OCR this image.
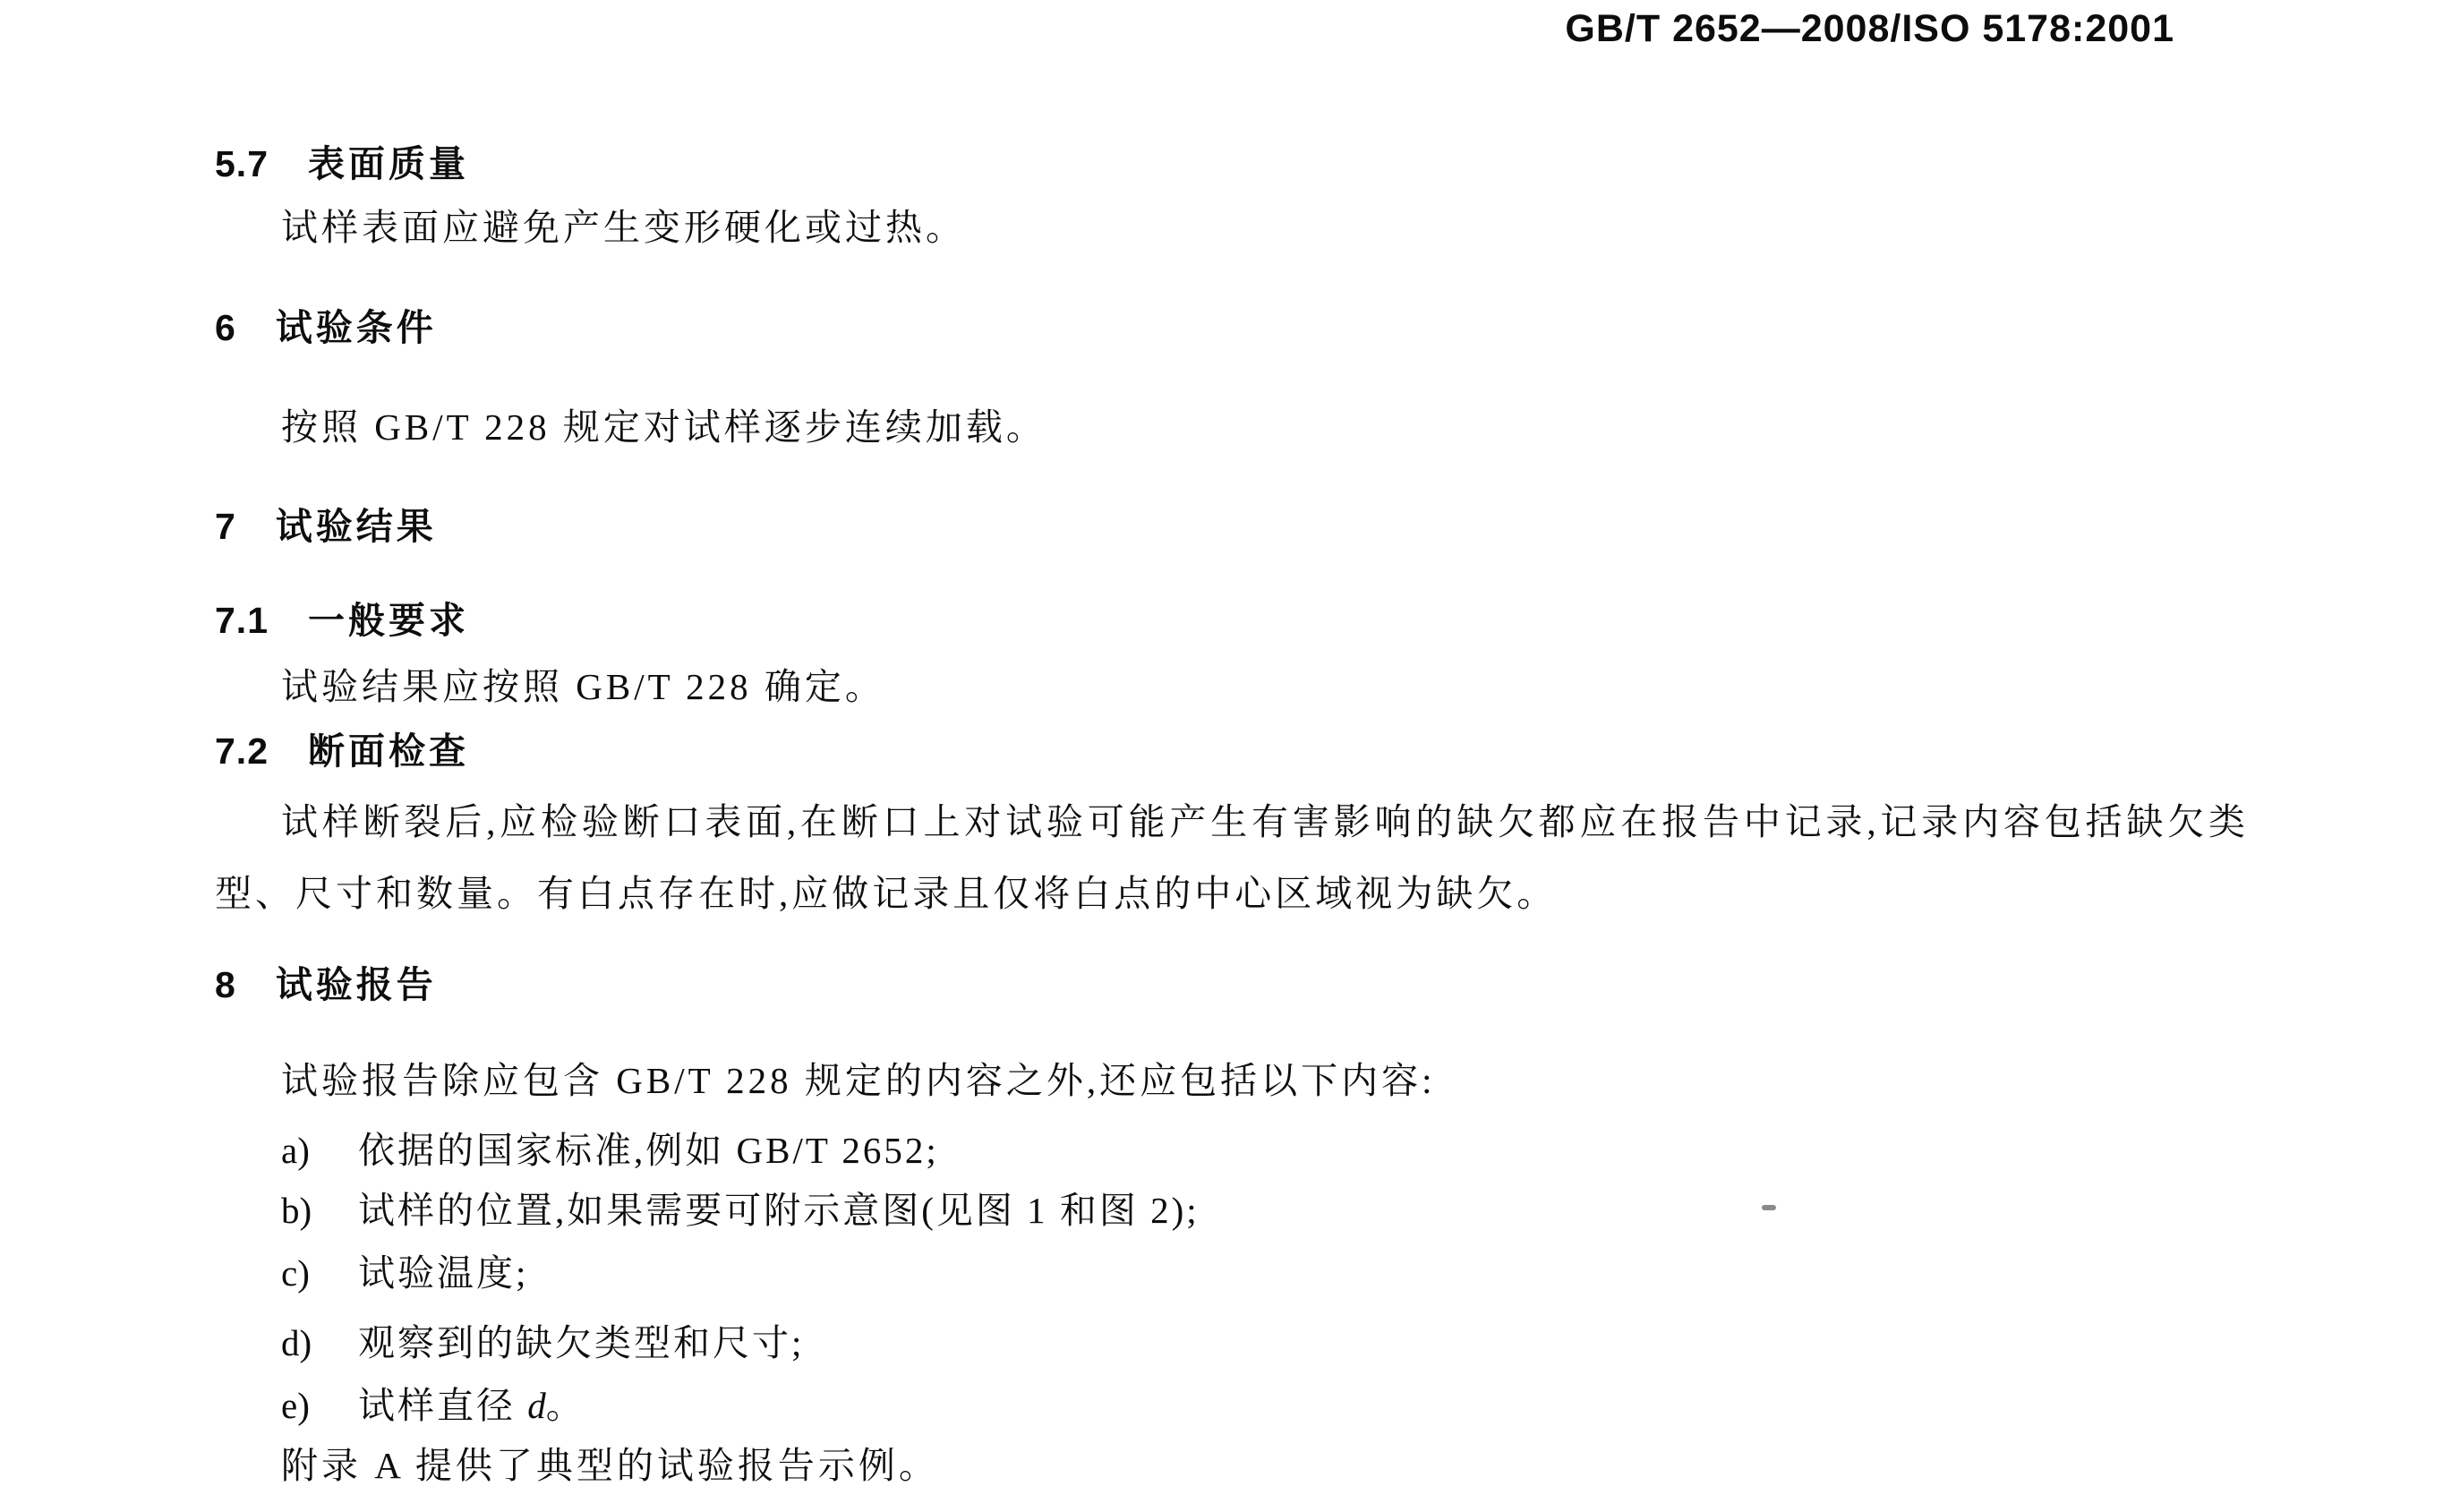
GB/T 2652—2008/ISO 5178:2001
5.7 表面质量
试样表面应避免产生变形硬化或过热。
6 试验条件
按照 GB/T 228 规定对试样逐步连续加载。
7 试验结果
7.1 一般要求
试验结果应按照 GB/T 228 确定。
7.2 断面检查
试样断裂后,应检验断口表面,在断口上对试验可能产生有害影响的缺欠都应在报告中记录,记录内容包括缺欠类型、尺寸和数量。有白点存在时,应做记录且仅将白点的中心区域视为缺欠。
8 试验报告
试验报告除应包含 GB/T 228 规定的内容之外,还应包括以下内容:
a) 依据的国家标准,例如 GB/T 2652;
b) 试样的位置,如果需要可附示意图(见图 1 和图 2);
c) 试验温度;
d) 观察到的缺欠类型和尺寸;
e) 试样直径 d。
附录 A 提供了典型的试验报告示例。
